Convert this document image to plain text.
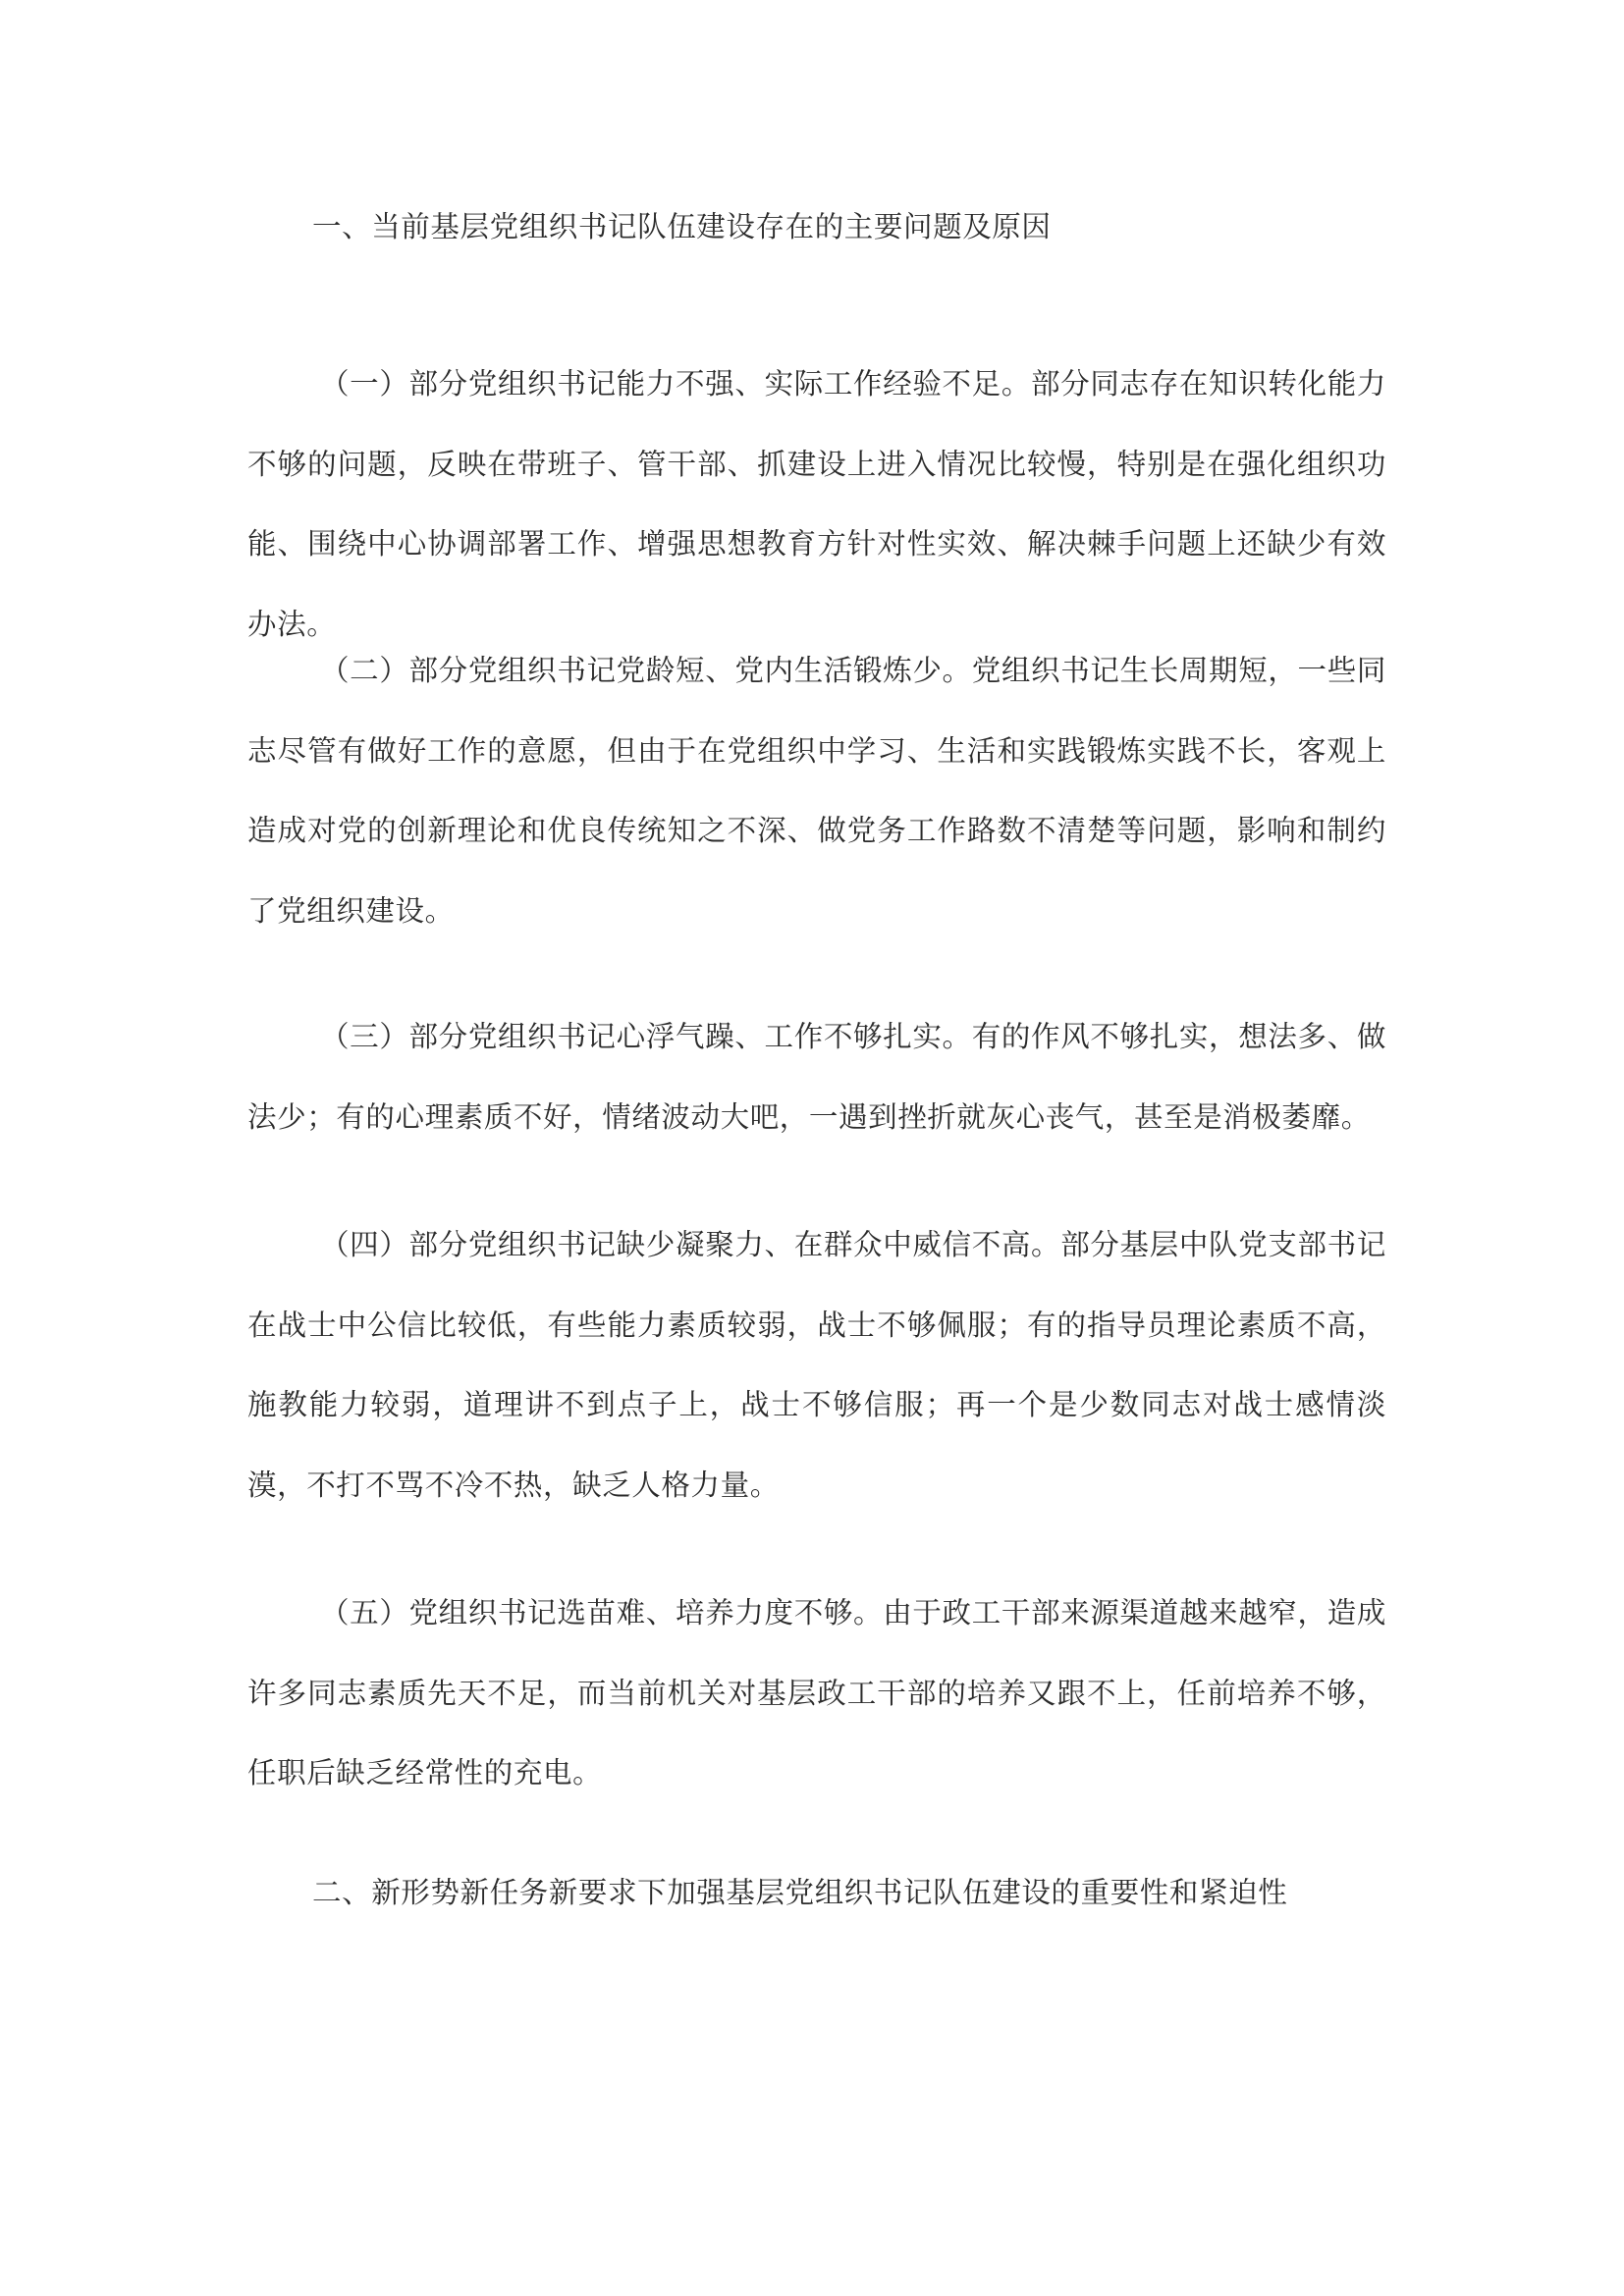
一、当前基层党组织书记队伍建设存在的主要问题及原因

（一）部分党组织书记能力不强、实际工作经验不足。部分同志存在知识转化能力不够的问题，反映在带班子、管干部、抓建设上进入情况比较慢，特别是在强化组织功能、围绕中心协调部署工作、增强思想教育方针对性实效、解决棘手问题上还缺少有效办法。

（二）部分党组织书记党龄短、党内生活锻炼少。党组织书记生长周期短，一些同志尽管有做好工作的意愿，但由于在党组织中学习、生活和实践锻炼实践不长，客观上造成对党的创新理论和优良传统知之不深、做党务工作路数不清楚等问题，影响和制约了党组织建设。

（三）部分党组织书记心浮气躁、工作不够扎实。有的作风不够扎实，想法多、做法少；有的心理素质不好，情绪波动大吧，一遇到挫折就灰心丧气，甚至是消极萎靡。

（四）部分党组织书记缺少凝聚力、在群众中威信不高。部分基层中队党支部书记在战士中公信比较低，有些能力素质较弱，战士不够佩服；有的指导员理论素质不高，施教能力较弱，道理讲不到点子上，战士不够信服；再一个是少数同志对战士感情淡漠，不打不骂不冷不热，缺乏人格力量。

（五）党组织书记选苗难、培养力度不够。由于政工干部来源渠道越来越窄，造成许多同志素质先天不足，而当前机关对基层政工干部的培养又跟不上，任前培养不够，任职后缺乏经常性的充电。

二、新形势新任务新要求下加强基层党组织书记队伍建设的重要性和紧迫性
